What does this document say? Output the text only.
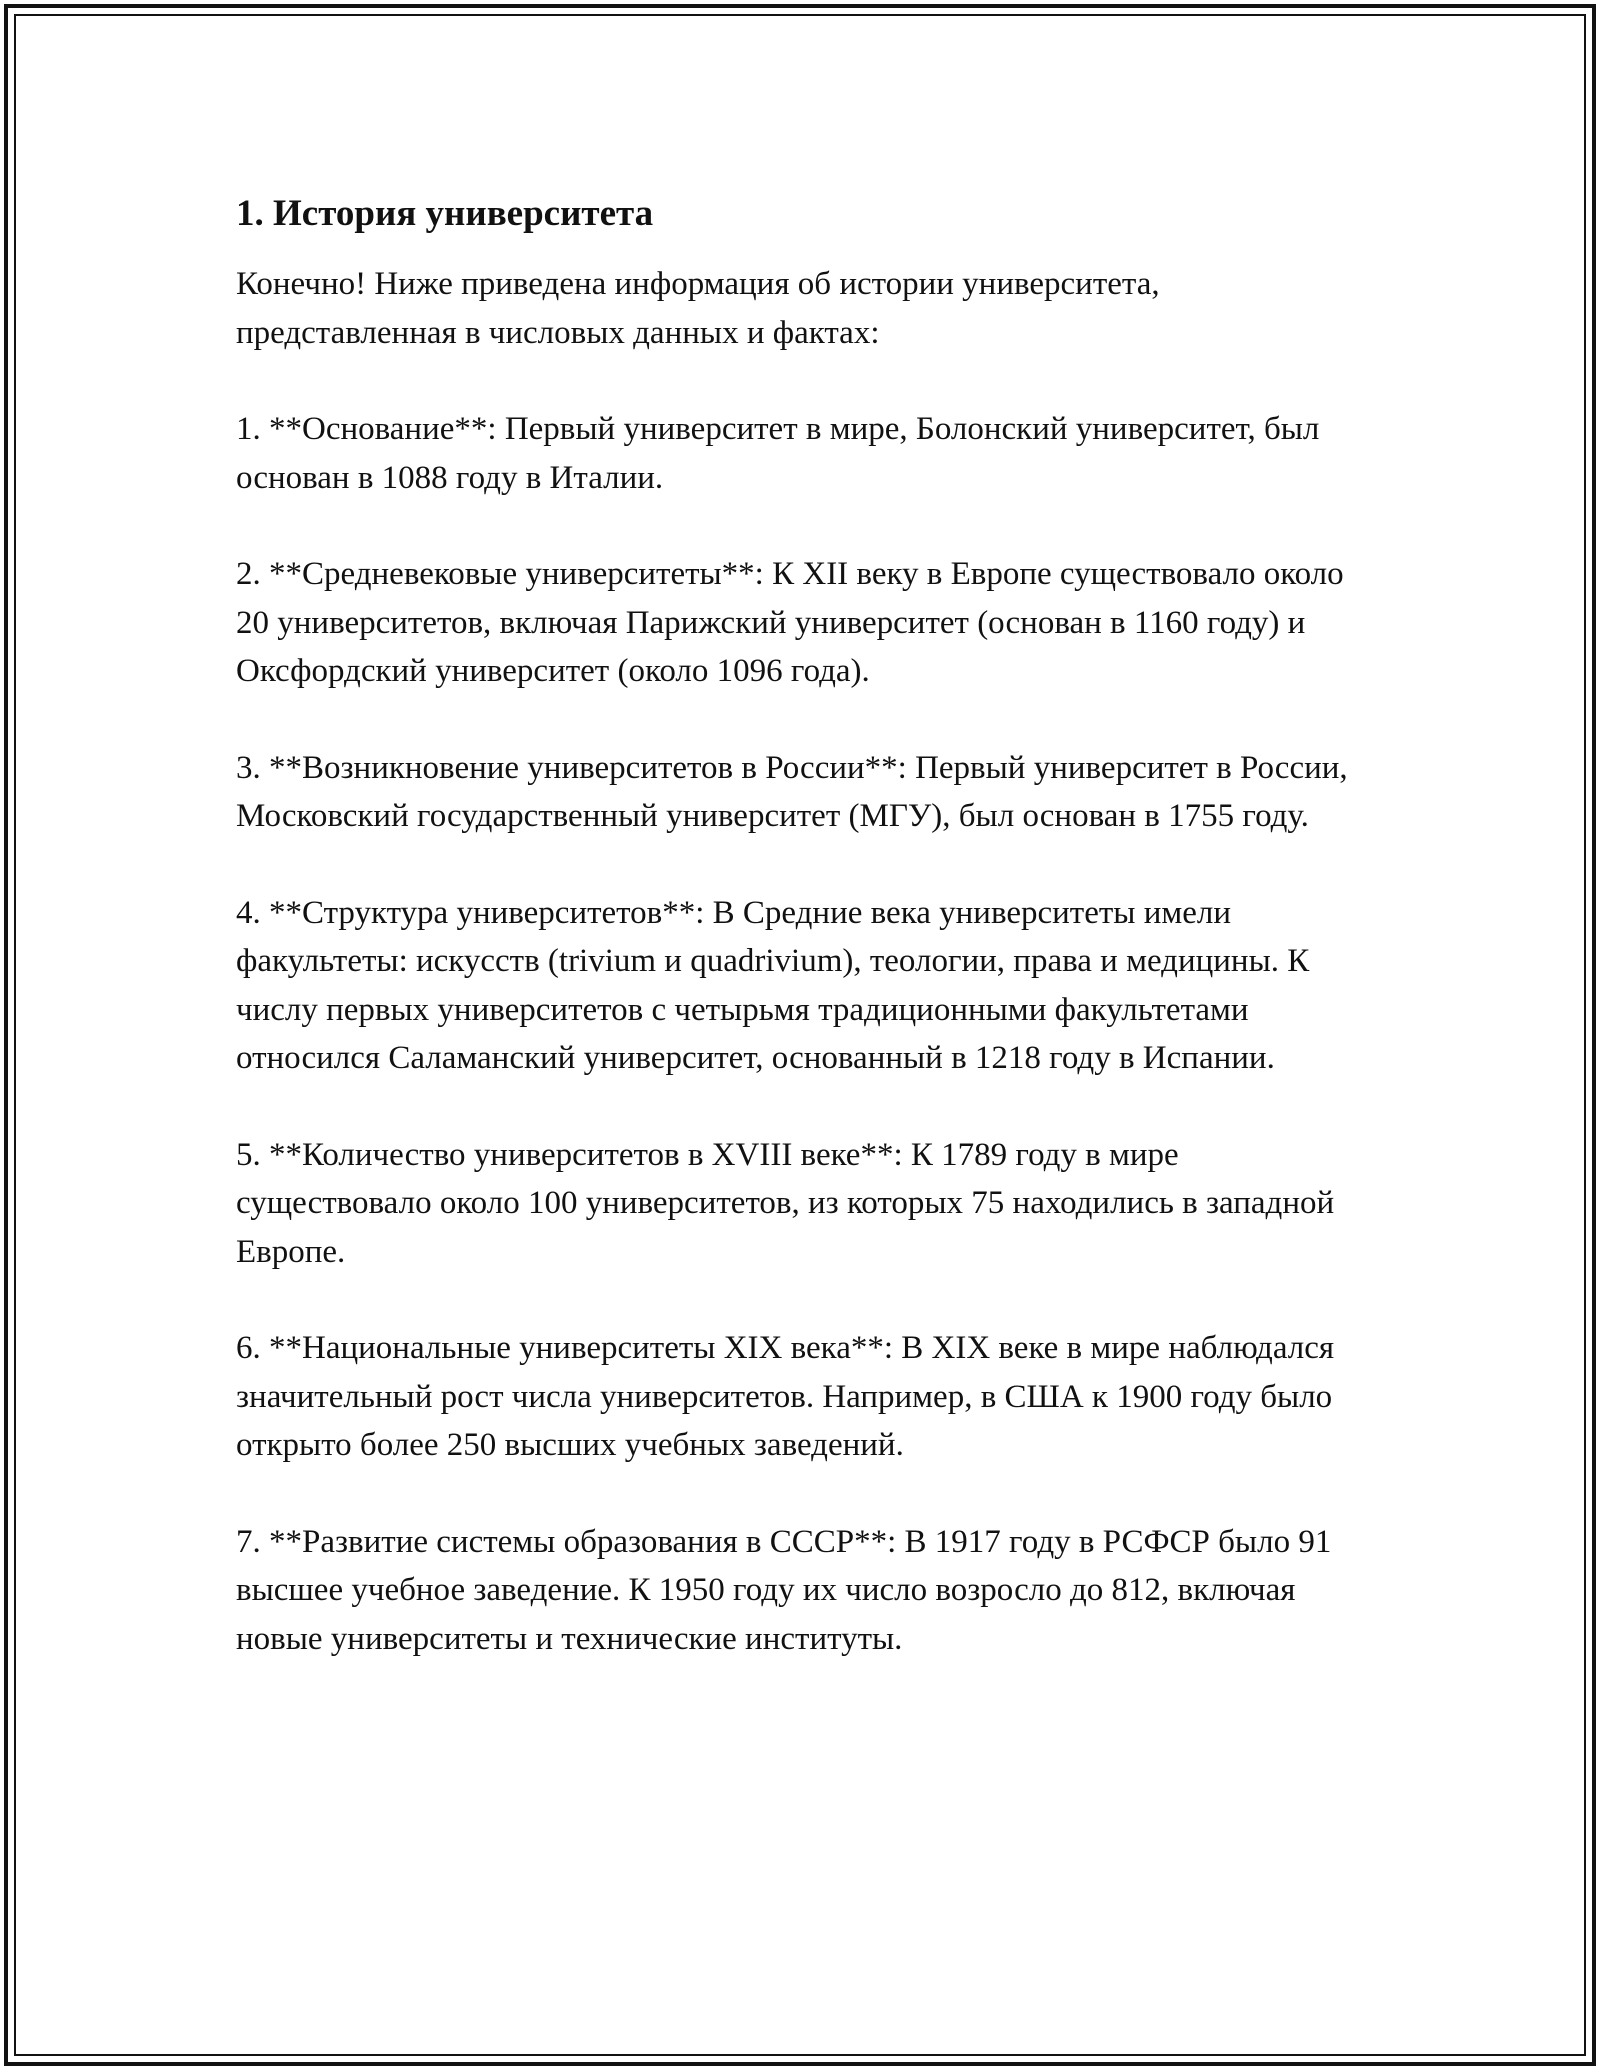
1. История университета

Конечно! Ниже приведена информация об истории университета, представленная в числовых данных и фактах:

1. **Основание**: Первый университет в мире, Болонский университет, был основан в 1088 году в Италии.

2. **Средневековые университеты**: К XII веку в Европе существовало около 20 университетов, включая Парижский университет (основан в 1160 году) и Оксфордский университет (около 1096 года).

3. **Возникновение университетов в России**: Первый университет в России, Московский государственный университет (МГУ), был основан в 1755 году.

4. **Структура университетов**: В Средние века университеты имели факультеты: искусств (trivium и quadrivium), теологии, права и медицины. К числу первых университетов с четырьмя традиционными факультетами относился Саламанский университет, основанный в 1218 году в Испании.

5. **Количество университетов в XVIII веке**: К 1789 году в мире существовало около 100 университетов, из которых 75 находились в западной Европе.

6. **Национальные университеты XIX века**: В XIX веке в мире наблюдался значительный рост числа университетов. Например, в США к 1900 году было открыто более 250 высших учебных заведений.

7. **Развитие системы образования в СССР**: В 1917 году в РСФСР было 91 высшее учебное заведение. К 1950 году их число возросло до 812, включая новые университеты и технические институты.
